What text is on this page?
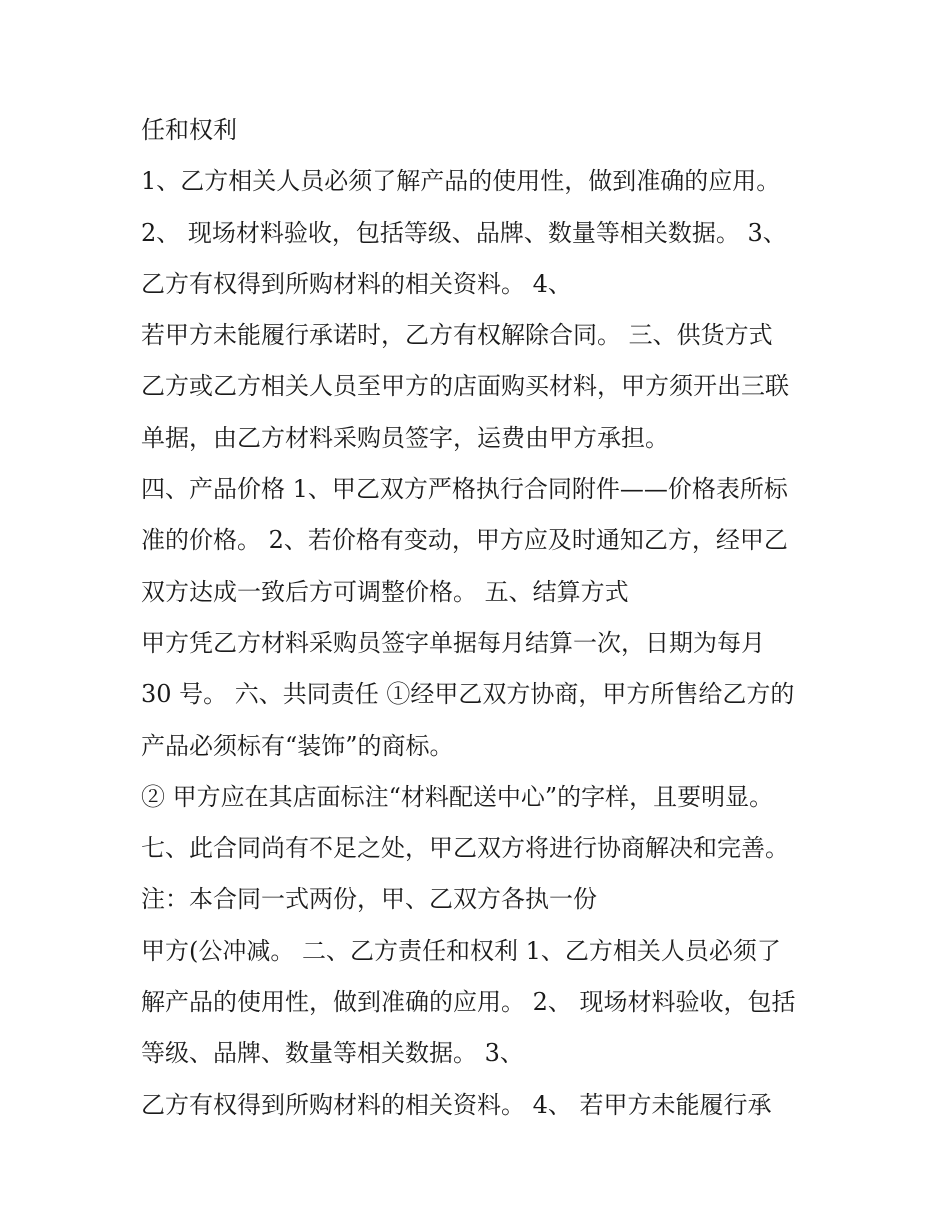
任和权利
1、乙方相关人员必须了解产品的使用性，做到准确的应用。
2、 现场材料验收，包括等级、品牌、数量等相关数据。 3、
乙方有权得到所购材料的相关资料。 4、
若甲方未能履行承诺时，乙方有权解除合同。 三、供货方式
乙方或乙方相关人员至甲方的店面购买材料，甲方须开出三联
单据，由乙方材料采购员签字，运费由甲方承担。
四、产品价格 1、甲乙双方严格执行合同附件——价格表所标
准的价格。 2、若价格有变动，甲方应及时通知乙方，经甲乙
双方达成一致后方可调整价格。 五、结算方式
甲方凭乙方材料采购员签字单据每月结算一次，日期为每月
30 号。 六、共同责任 ①经甲乙双方协商，甲方所售给乙方的
产品必须标有“装饰”的商标。
② 甲方应在其店面标注“材料配送中心”的字样，且要明显。
七、此合同尚有不足之处，甲乙双方将进行协商解决和完善。
注：本合同一式两份，甲、乙双方各执一份
甲方(公冲减。 二、乙方责任和权利 1、乙方相关人员必须了
解产品的使用性，做到准确的应用。 2、 现场材料验收，包括
等级、品牌、数量等相关数据。 3、
乙方有权得到所购材料的相关资料。 4、 若甲方未能履行承
